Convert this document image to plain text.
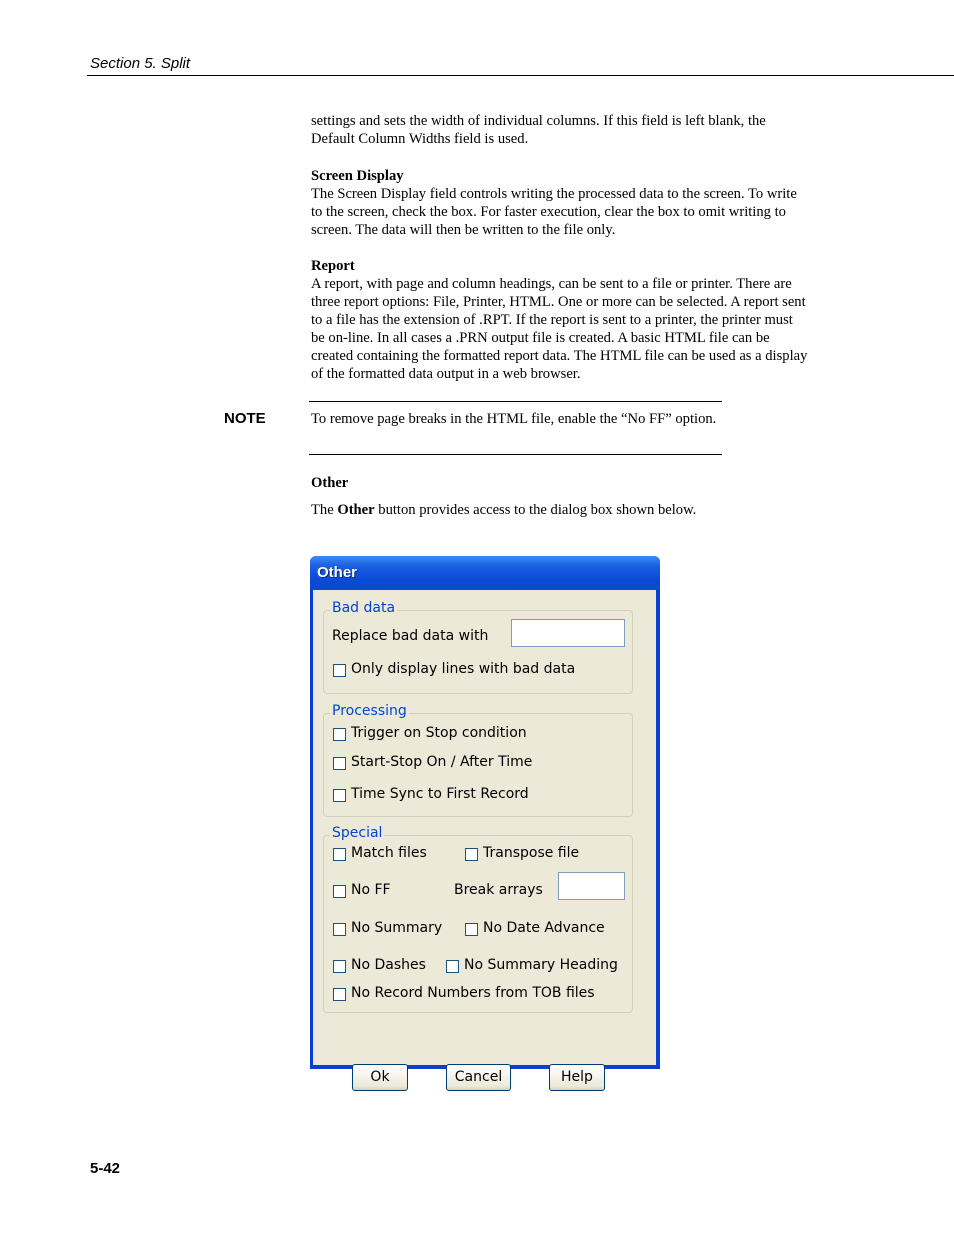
Section 5. Split

settings and sets the width of individual columns. If this field is left blank, the Default Column Widths field is used.

Screen Display
The Screen Display field controls writing the processed data to the screen. To write to the screen, check the box. For faster execution, clear the box to omit writing to screen. The data will then be written to the file only.
Report
A report, with page and column headings, can be sent to a file or printer. There are three report options: File, Printer, HTML. One or more can be selected. A report sent to a file has the extension of .RPT. If the report is sent to a printer, the printer must be on-line. In all cases a .PRN output file is created. A basic HTML file can be created containing the formatted report data. The HTML file can be used as a display of the formatted data output in a web browser.
NOTE	To remove page breaks in the HTML file, enable the “No FF” option.
Other
The Other button provides access to the dialog box shown below.
Other
Bad data
Replace bad data with
Only display lines with bad data
Processing
Trigger on Stop condition
Start-Stop On / After Time
Time Sync to First Record
Special
Match files	Transpose file
No FF	Break arrays
No Summary	No Date Advance
No Dashes	No Summary Heading
No Record Numbers from TOB files
Ok	Cancel	Help
5-42
